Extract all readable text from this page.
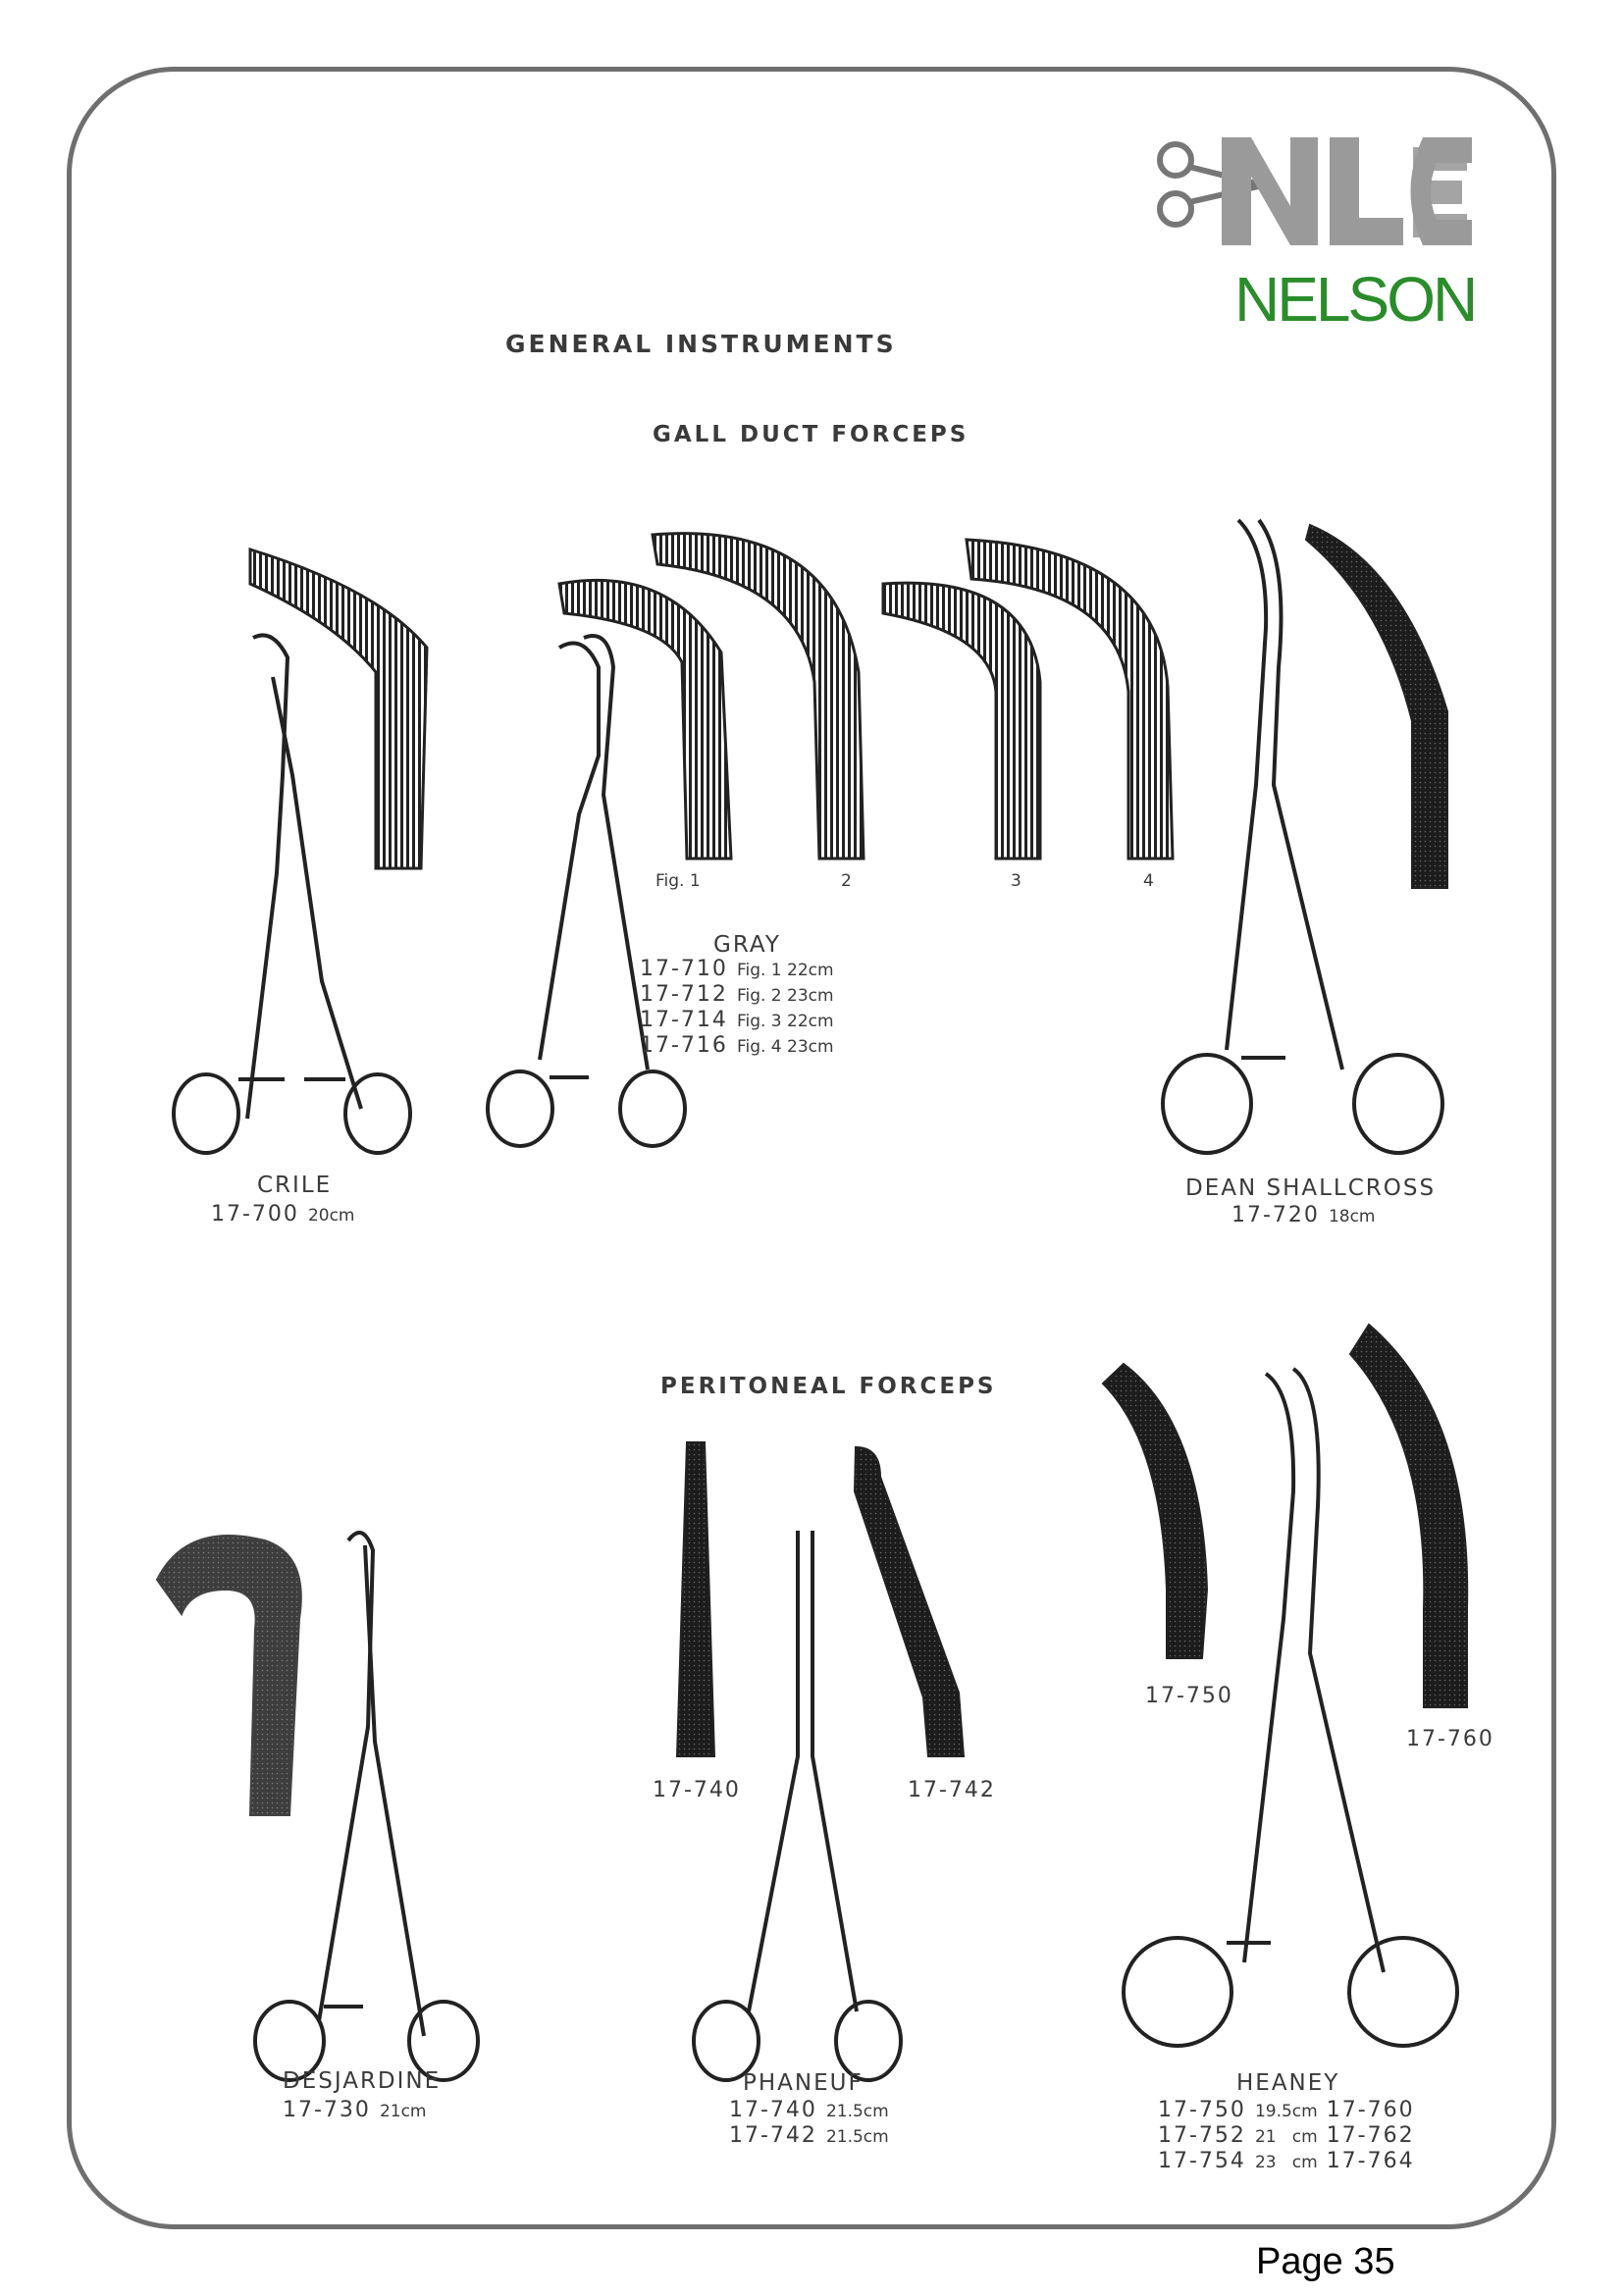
NELSON
GENERAL INSTRUMENTS
GALL DUCT FORCEPS
PERITONEAL FORCEPS
Fig. 1	2	3	4
CRILE
17-700 20cm
GRAY
17-710 Fig. 1 22cm
17-712 Fig. 2 23cm
17-714 Fig. 3 22cm
17-716 Fig. 4 23cm
DEAN SHALLCROSS
17-720 18cm
17-740	17-742
17-750
17-760
DESJARDINE
17-730 21cm
PHANEUF
17-740 21.5cm
17-742 21.5cm
HEANEY
17-750 19.5cm 17-760
17-752 21   cm 17-762
17-754 23   cm 17-764
Page 35
